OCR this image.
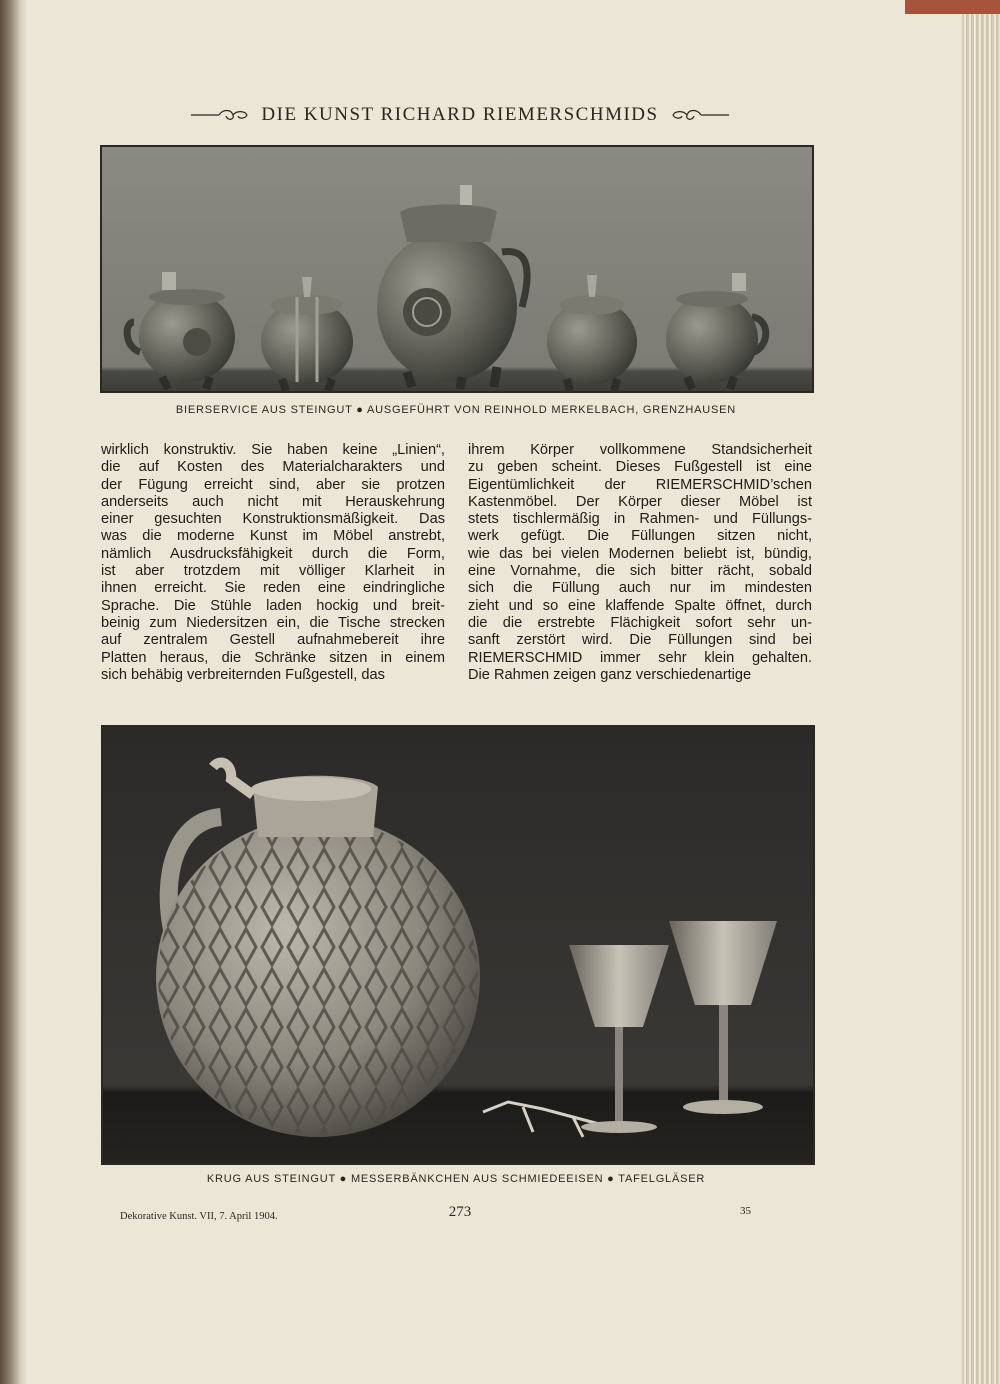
DIE KUNST RICHARD RIEMERSCHMIDS
BIERSERVICE AUS STEINGUT ● AUSGEFÜHRT VON REINHOLD MERKELBACH, GRENZHAUSEN
wirklich konstruktiv. Sie haben keine „Linien“,
die auf Kosten des Materialcharakters und
der Fügung erreicht sind, aber sie protzen
anderseits auch nicht mit Herauskehrung
einer gesuchten Konstruktionsmäßigkeit. Das
was die moderne Kunst im Möbel anstrebt,
nämlich Ausdrucksfähigkeit durch die Form,
ist aber trotzdem mit völliger Klarheit in
ihnen erreicht. Sie reden eine eindringliche
Sprache. Die Stühle laden hockig und breit-
beinig zum Niedersitzen ein, die Tische strecken
auf zentralem Gestell aufnahmebereit ihre
Platten heraus, die Schränke sitzen in einem
sich behäbig verbreiternden Fußgestell, das
ihrem Körper vollkommene Standsicherheit
zu geben scheint. Dieses Fußgestell ist eine
Eigentümlichkeit der RIEMERSCHMID’schen
Kastenmöbel. Der Körper dieser Möbel ist
stets tischlermäßig in Rahmen- und Füllungs-
werk gefügt. Die Füllungen sitzen nicht,
wie das bei vielen Modernen beliebt ist, bündig,
eine Vornahme, die sich bitter rächt, sobald
sich die Füllung auch nur im mindesten
zieht und so eine klaffende Spalte öffnet, durch
die die erstrebte Flächigkeit sofort sehr un-
sanft zerstört wird. Die Füllungen sind bei
RIEMERSCHMID immer sehr klein gehalten.
Die Rahmen zeigen ganz verschiedenartige
KRUG AUS STEINGUT ● MESSERBÄNKCHEN AUS SCHMIEDEEISEN ● TAFELGLÄSER
Dekorative Kunst. VII, 7. April 1904.	273	35
